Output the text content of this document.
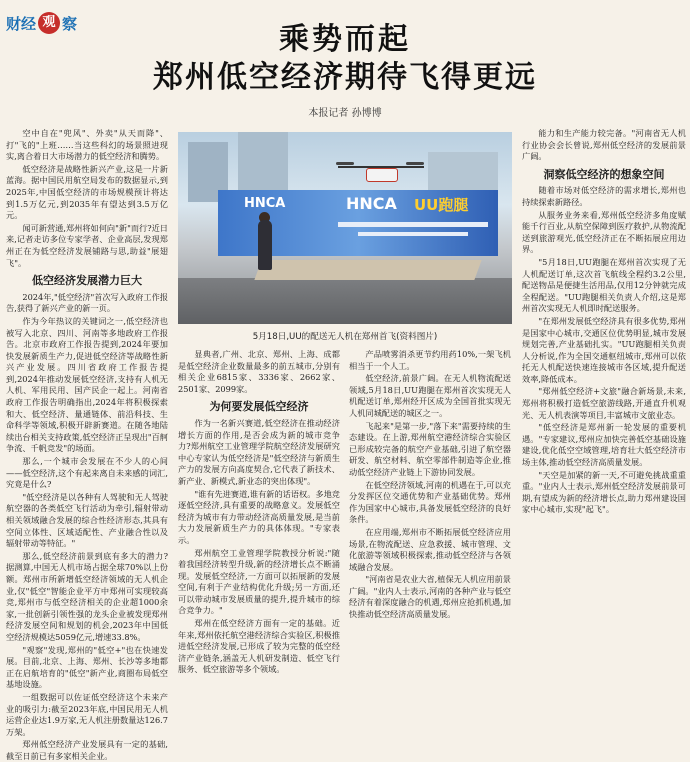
财经 观 察	乘势而起
郑州低空经济期待飞得更远
本报记者 孙博博

空中自在"兜风"、外卖"从天而降"、打"飞的"上班……当这些科幻的场景照进现实,离合着日大市场潜力的低空经济和腾势。

低空经济是战略性新兴产业,这是一片新蓝海。据中国民用航空局发布的数据显示,到2025年,中国低空经济的市场规模预计将达到1.5万亿元,到2035年有望达到3.5万亿元。

闻可新营通,郑州将如何向"新"而行?近日来,记者走访多位专家学者、企业高层,发现郑州正在为低空经济发展铺路与思,助益"展翅飞"。

低空经济发展潜力巨大

2024年,"低空经济"首次写入政府工作报告,获得了新兴产业的新一页。

作为今年热议的关键词之一,低空经济也被写入北京、四川、河南等多地政府工作报告。北京市政府工作报告提到,2024年要加快发展新质生产力,促进低空经济等战略性新兴产业发展。四川省政府工作报告提到,2024年推动发展低空经济,支持有人机无人机、军用民用、国产民企一起上。河南省政府工作报告明确指出,2024年将积极探索和大、低空经济、量通链体、前沿科技、生命科学等领域,积极开辟新赛道。在随各地陆续出台相关支持政策,低空经济正呈现出"百舸争流、千帆竞发"的场面。

那么,一个城市会发展在不少人的心间——低空经济,这个有起来离自未来感的词汇,究竟是什么?

"低空经济是以各种有人驾驶和无人驾驶航空器的各类低空飞行活动为牵引,辐射带动相关领域融合发展的综合性经济形态,其具有空间立体性、区域适配性、产业融合性以及辐射带动等特征。"

那么,低空经济前景到底有多大的潜力?据测算,中国无人机市场占据全球70%以上份额。郑州市所新增低空经济领域的无人机企业,仅"低空"智能企业平方中郑州可实现较高竞,郑州市与低空经济相关的企业超1000余家,一批创新引领性强的龙头企业被发现郑州经济发展空间和规划的机会,2023年中国低空经济规模达5059亿元,增速33.8%。

"观察"发现,郑州的"低空+"也在快速发展。目前,北京、上海、郑州、长沙等多地都正在启航培育的"低空"新产业,商圈布局低空基地设施。

一组数据可以佐证低空经济这个未来产业的吸引力:截至2023年底,中国民用无人机运营企业达1.9万家,无人机注册数量达126.7万架。

郑州低空经济产业发展具有一定的基础,截至日前已有多家相关企业。

HNCA	HNCA UU跑腿
5月18日,UU的配送无人机在郑州首飞(资料图片)

显典者,广州、北京、郑州、上海、成都是低空经济企业数量最多的前五城市,分别有相关企业6815家、3336家、2662家、2501家、2099家。

为何要发展低空经济

作为一名新兴赛道,低空经济在推动经济增长方面的作用,是否会成为新的城市竞争力?郑州航空工业管理学院航空经济发展研究中心专家认为低空经济是"低空经济与新质生产力的发展方向高度契合,它代表了新技术、新产业、新模式,新业态的突出体现"。

"谁有先进赛道,谁有新的话语权。多地竞逐低空经济,具有重要的战略意义。发展低空经济为城市有力带动经济高质量发展,是当前大力发展新质生产力的具体体现。"专家表示。

郑州航空工业管理学院教授分析说:"随着我国经济转型升级,新的经济增长点不断涌现。发展低空经济,一方面可以拓展新的发展空间,有利于产业结构优化升级;另一方面,还可以带动城市发展质量的提升,提升城市的综合竞争力。"

郑州在低空经济方面有一定的基础。近年来,郑州依托航空港经济综合实验区,积极推进低空经济发展,已形成了较为完整的低空经济产业链条,涵盖无人机研发制造、低空飞行服务、低空旅游等多个领域。

产品喷雾消杀更节约用药10%,一架飞机相当于一个人工。

低空经济,前景广阔。在无人机物流配送领域,5月18日,UU跑腿在郑州首次实现无人机配送订单,郑州经开区成为全国首批实现无人机同城配送的城区之一。

飞起来"是第一步,"落下来"需要持续的生态建设。在上游,郑州航空港经济综合实验区已形成较完备的航空产业基础,引进了航空器研发、航空材料、航空零部件制造等企业,推动低空经济产业链上下游协同发展。

在低空经济领域,河南的机遇在于,可以充分发挥区位交通优势和产业基础优势。郑州作为国家中心城市,具备发展低空经济的良好条件。

在应用端,郑州市不断拓展低空经济应用场景,在物流配送、应急救援、城市管理、文化旅游等领域积极探索,推动低空经济与各领域融合发展。

"河南省是农业大省,植保无人机应用前景广阔。"业内人士表示,河南的各种产业与低空经济有着深度融合的机遇,郑州应抢抓机遇,加快推动低空经济高质量发展。

能力和生产能力较完备。"河南省无人机行业协会会长曾说,郑州低空经济的发展前景广阔。

洞察低空经济的想象空间

随着市场对低空经济的需求增长,郑州也持续探索新路径。

从服务业务来看,郑州低空经济多角度赋能千行百业,从航空保障到医疗救护,从物流配送到旅游观光,低空经济正在不断拓展应用边界。

"5月18日,UU跑腿在郑州首次实现了无人机配送订单,这次首飞航线全程约3.2公里,配送物品是便捷生活用品,仅用12分钟就完成全程配送。"UU跑腿相关负责人介绍,这是郑州首次实现无人机即时配送服务。

"在郑州发展低空经济具有很多优势,郑州是国家中心城市,交通区位优势明显,城市发展规划完善,产业基础扎实。"UU跑腿相关负责人分析说,作为全国交通枢纽城市,郑州可以依托无人机配送快速连接城市各区域,提升配送效率,降低成本。

"郑州低空经济+文旅"融合新场景,未来,郑州将积极打造低空旅游线路,开通直升机观光、无人机表演等项目,丰富城市文旅业态。

"低空经济是郑州新一轮发展的重要机遇。"专家建议,郑州应加快完善低空基础设施建设,优化低空空域管理,培育壮大低空经济市场主体,推动低空经济高质量发展。

"天空是加紧的新一天,不可避免挑战重重重。"业内人士表示,郑州低空经济发展前景可期,有望成为新的经济增长点,助力郑州建设国家中心城市,实现"起飞"。
